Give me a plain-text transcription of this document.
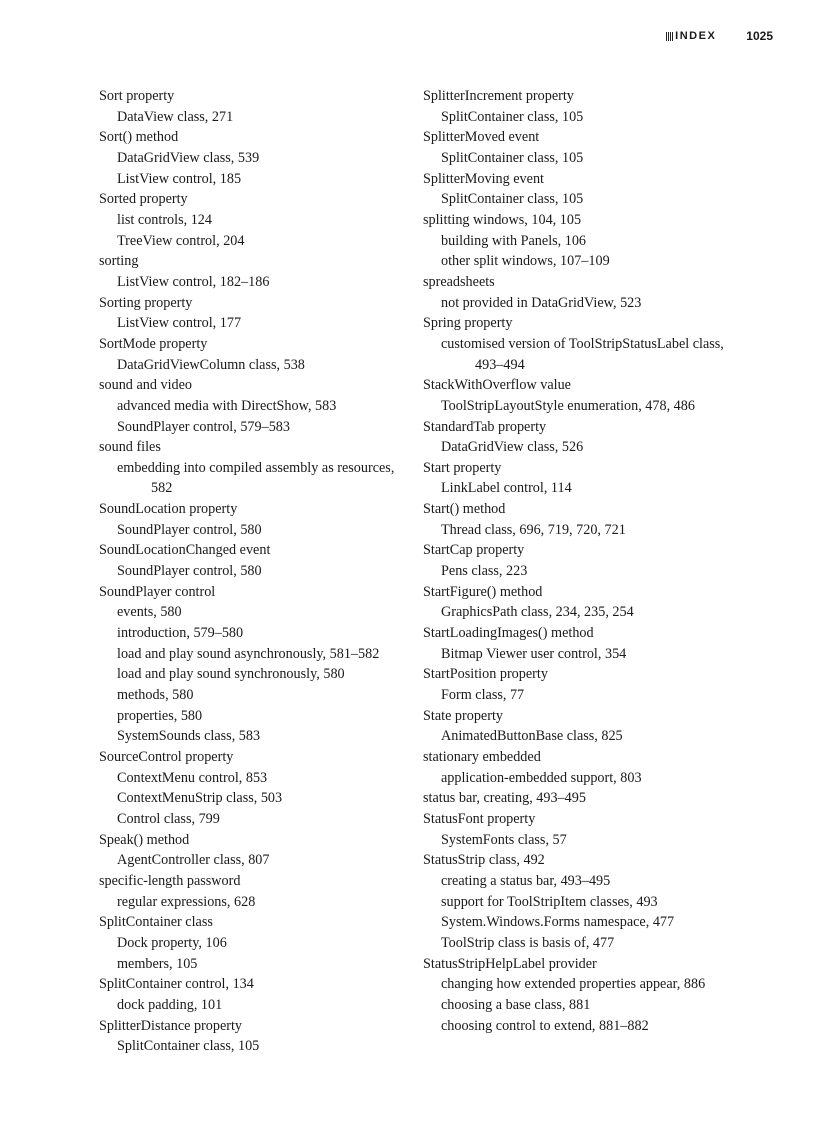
INDEX	1025
Sort property
DataView class, 271
Sort() method
DataGridView class, 539
ListView control, 185
Sorted property
list controls, 124
TreeView control, 204
sorting
ListView control, 182–186
Sorting property
ListView control, 177
SortMode property
DataGridViewColumn class, 538
sound and video
advanced media with DirectShow, 583
SoundPlayer control, 579–583
sound files
embedding into compiled assembly as resources, 582
SoundLocation property
SoundPlayer control, 580
SoundLocationChanged event
SoundPlayer control, 580
SoundPlayer control
events, 580
introduction, 579–580
load and play sound asynchronously, 581–582
load and play sound synchronously, 580
methods, 580
properties, 580
SystemSounds class, 583
SourceControl property
ContextMenu control, 853
ContextMenuStrip class, 503
Control class, 799
Speak() method
AgentController class, 807
specific-length password
regular expressions, 628
SplitContainer class
Dock property, 106
members, 105
SplitContainer control, 134
dock padding, 101
SplitterDistance property
SplitContainer class, 105
SplitterIncrement property
SplitContainer class, 105
SplitterMoved event
SplitContainer class, 105
SplitterMoving event
SplitContainer class, 105
splitting windows, 104, 105
building with Panels, 106
other split windows, 107–109
spreadsheets
not provided in DataGridView, 523
Spring property
customised version of ToolStripStatusLabel class, 493–494
StackWithOverflow value
ToolStripLayoutStyle enumeration, 478, 486
StandardTab property
DataGridView class, 526
Start property
LinkLabel control, 114
Start() method
Thread class, 696, 719, 720, 721
StartCap property
Pens class, 223
StartFigure() method
GraphicsPath class, 234, 235, 254
StartLoadingImages() method
Bitmap Viewer user control, 354
StartPosition property
Form class, 77
State property
AnimatedButtonBase class, 825
stationary embedded
application-embedded support, 803
status bar, creating, 493–495
StatusFont property
SystemFonts class, 57
StatusStrip class, 492
creating a status bar, 493–495
support for ToolStripItem classes, 493
System.Windows.Forms namespace, 477
ToolStrip class is basis of, 477
StatusStripHelpLabel provider
changing how extended properties appear, 886
choosing a base class, 881
choosing control to extend, 881–882
